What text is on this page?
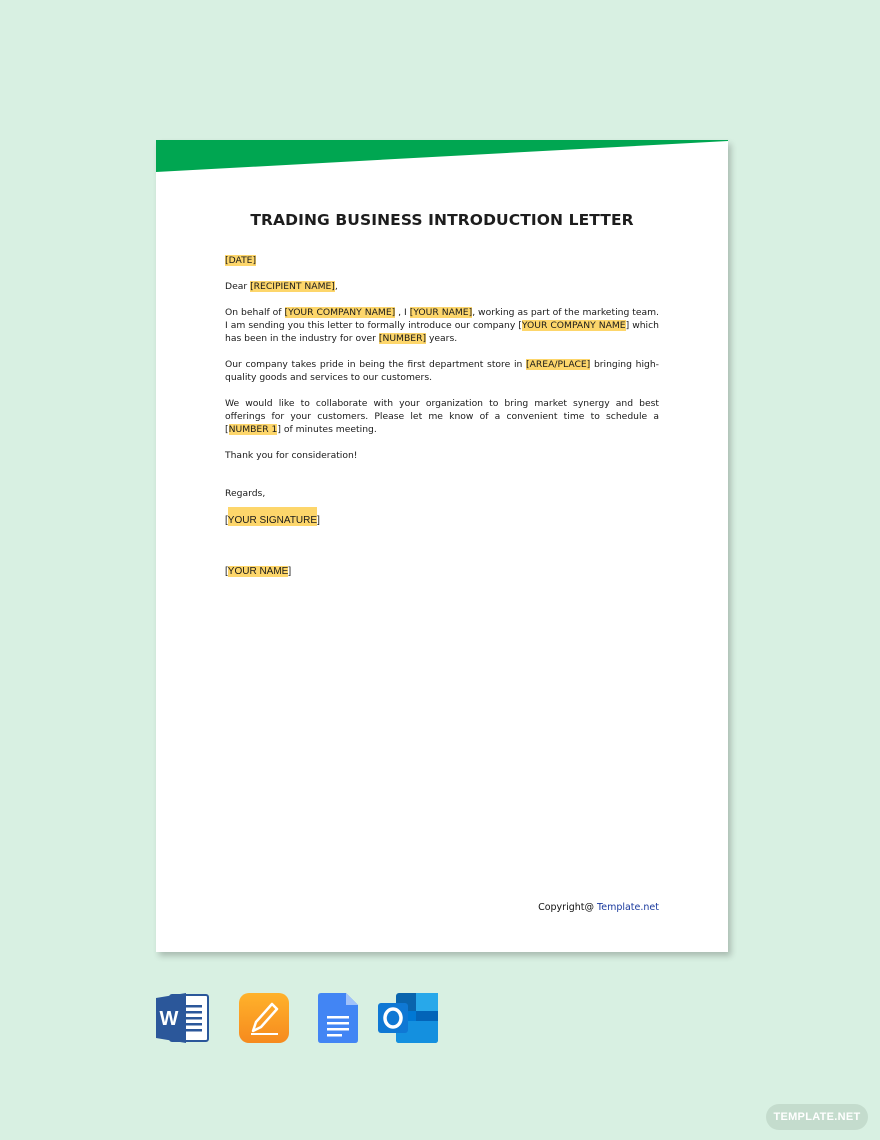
TRADING BUSINESS INTRODUCTION LETTER

[DATE]

Dear [RECIPIENT NAME],

On behalf of [YOUR COMPANY NAME] , I [YOUR NAME], working as part of the marketing team. I am sending you this letter to formally introduce our company [YOUR COMPANY NAME] which has been in the industry for over [NUMBER] years.

Our company takes pride in being the first department store in [AREA/PLACE] bringing high-quality goods and services to our customers.

We would like to collaborate with your organization to bring market synergy and best offerings for your customers. Please let me know of a convenient time to schedule a [NUMBER 1] of minutes meeting.

Thank you for consideration!

Regards,
[YOUR SIGNATURE]
[YOUR NAME]
Copyright@ Template.net
W
TEMPLATE.NET
